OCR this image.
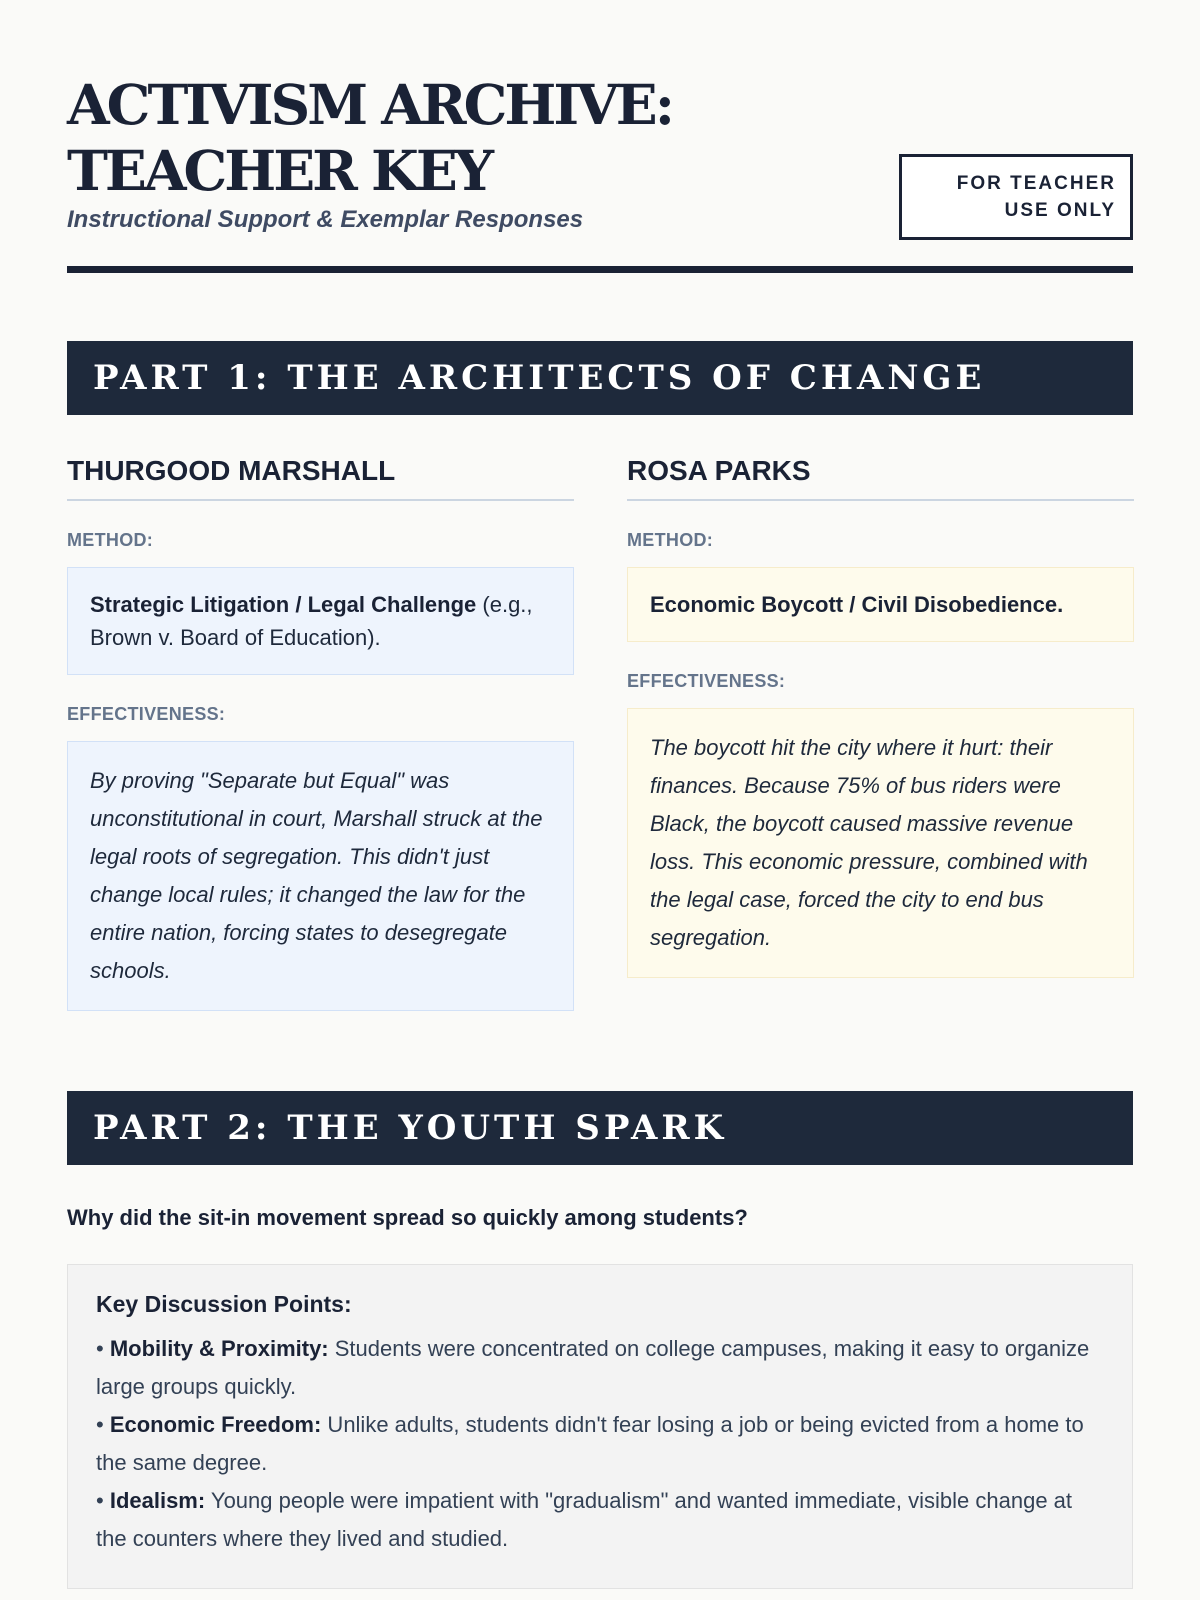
ACTIVISM ARCHIVE:
TEACHER KEY
Instructional Support & Exemplar Responses
FOR TEACHER USE ONLY
PART 1: THE ARCHITECTS OF CHANGE
THURGOOD MARSHALL
METHOD:
Strategic Litigation / Legal Challenge (e.g., Brown v. Board of Education).
EFFECTIVENESS:
By proving "Separate but Equal" was unconstitutional in court, Marshall struck at the legal roots of segregation. This didn't just change local rules; it changed the law for the entire nation, forcing states to desegregate schools.
ROSA PARKS
METHOD:
Economic Boycott / Civil Disobedience.
EFFECTIVENESS:
The boycott hit the city where it hurt: their finances. Because 75% of bus riders were Black, the boycott caused massive revenue loss. This economic pressure, combined with the legal case, forced the city to end bus segregation.
PART 2: THE YOUTH SPARK
Why did the sit-in movement spread so quickly among students?
Key Discussion Points:
• Mobility & Proximity: Students were concentrated on college campuses, making it easy to organize large groups quickly.
• Economic Freedom: Unlike adults, students didn't fear losing a job or being evicted from a home to the same degree.
• Idealism: Young people were impatient with "gradualism" and wanted immediate, visible change at the counters where they lived and studied.
